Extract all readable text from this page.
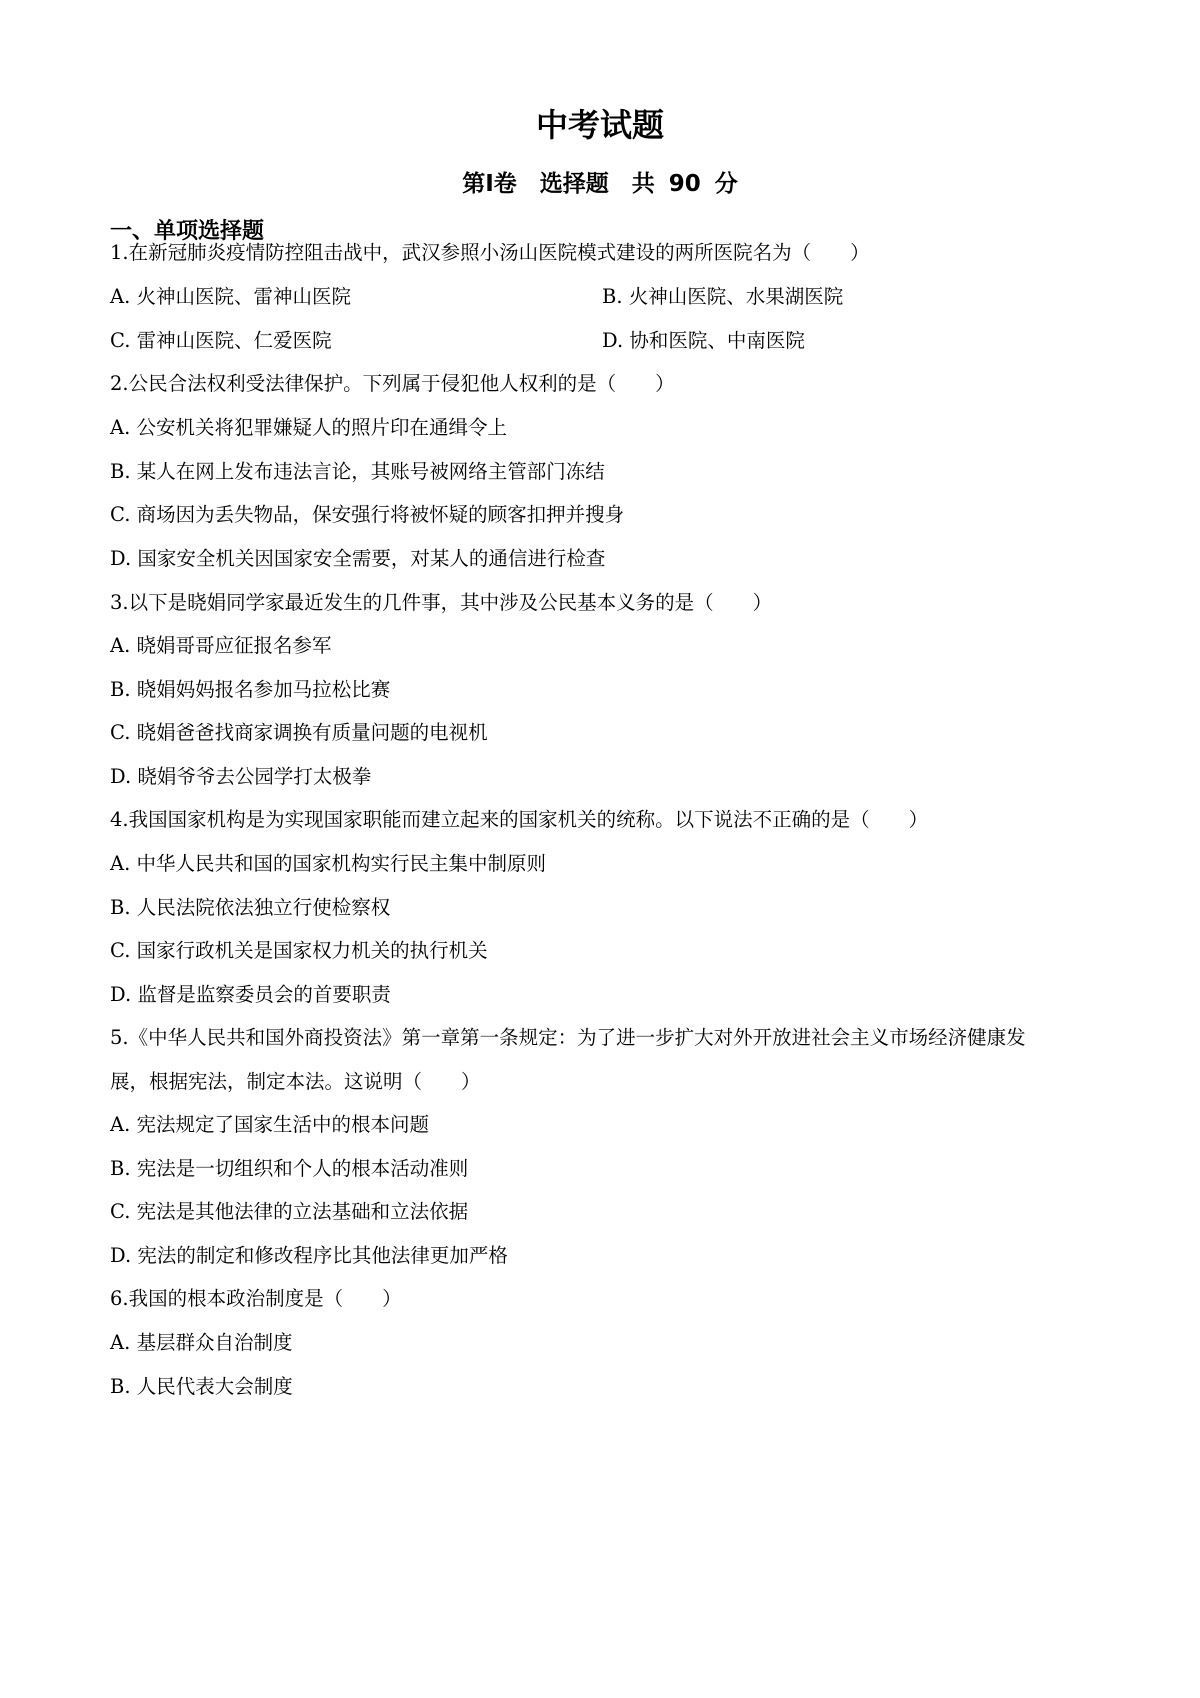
中考试题
第Ⅰ卷　选择题　共 90 分
一、单项选择题
1.在新冠肺炎疫情防控阻击战中，武汉参照小汤山医院模式建设的两所医院名为（　　）
A. 火神山医院、雷神山医院	B. 火神山医院、水果湖医院
C. 雷神山医院、仁爱医院	D. 协和医院、中南医院
2.公民合法权利受法律保护。下列属于侵犯他人权利的是（　　）
A. 公安机关将犯罪嫌疑人的照片印在通缉令上
B. 某人在网上发布违法言论，其账号被网络主管部门冻结
C. 商场因为丢失物品，保安强行将被怀疑的顾客扣押并搜身
D. 国家安全机关因国家安全需要，对某人的通信进行检查
3.以下是晓娟同学家最近发生的几件事，其中涉及公民基本义务的是（　　）
A. 晓娟哥哥应征报名参军
B. 晓娟妈妈报名参加马拉松比赛
C. 晓娟爸爸找商家调换有质量问题的电视机
D. 晓娟爷爷去公园学打太极拳
4.我国国家机构是为实现国家职能而建立起来的国家机关的统称。以下说法不正确的是（　　）
A. 中华人民共和国的国家机构实行民主集中制原则
B. 人民法院依法独立行使检察权
C. 国家行政机关是国家权力机关的执行机关
D. 监督是监察委员会的首要职责
5.《中华人民共和国外商投资法》第一章第一条规定：为了进一步扩大对外开放进社会主义市场经济健康发
展，根据宪法，制定本法。这说明（　　）
A. 宪法规定了国家生活中的根本问题
B. 宪法是一切组织和个人的根本活动准则
C. 宪法是其他法律的立法基础和立法依据
D. 宪法的制定和修改程序比其他法律更加严格
6.我国的根本政治制度是（　　）
A. 基层群众自治制度
B. 人民代表大会制度
